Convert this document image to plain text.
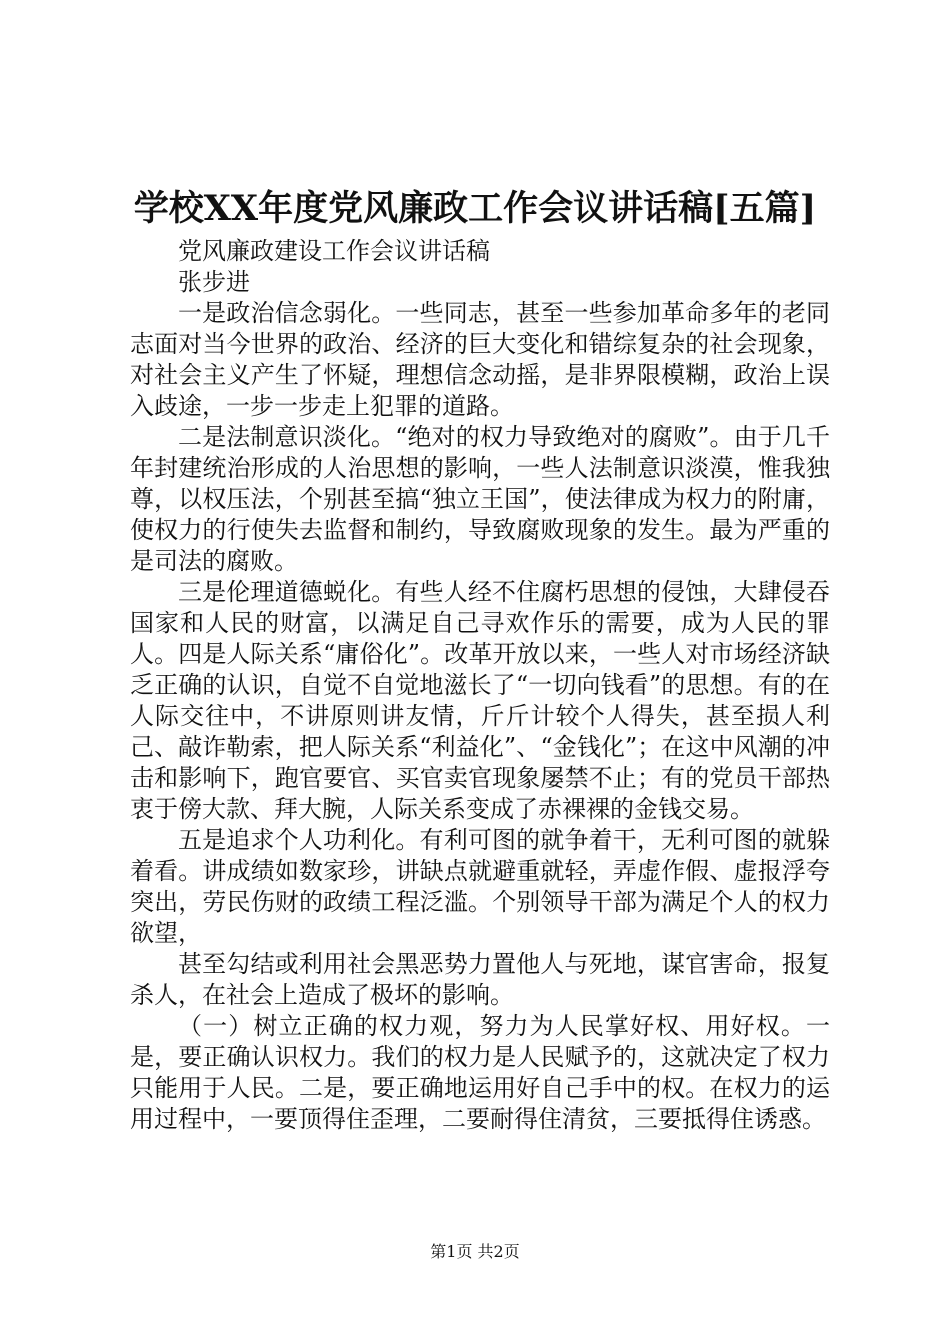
学校XX年度党风廉政工作会议讲话稿[五篇]

党风廉政建设工作会议讲话稿

张步进

一是政治信念弱化。一些同志，甚至一些参加革命多年的老同志面对当今世界的政治、经济的巨大变化和错综复杂的社会现象，对社会主义产生了怀疑，理想信念动摇，是非界限模糊，政治上误入歧途，一步一步走上犯罪的道路。

二是法制意识淡化。“绝对的权力导致绝对的腐败”。由于几千年封建统治形成的人治思想的影响，一些人法制意识淡漠，惟我独尊，以权压法，个别甚至搞“独立王国”，使法律成为权力的附庸，使权力的行使失去监督和制约，导致腐败现象的发生。最为严重的是司法的腐败。

三是伦理道德蜕化。有些人经不住腐朽思想的侵蚀，大肆侵吞国家和人民的财富，以满足自己寻欢作乐的需要，成为人民的罪人。四是人际关系“庸俗化”。改革开放以来，一些人对市场经济缺乏正确的认识，自觉不自觉地滋长了“一切向钱看”的思想。有的在人际交往中，不讲原则讲友情，斤斤计较个人得失，甚至损人利己、敲诈勒索，把人际关系“利益化”、“金钱化”；在这中风潮的冲击和影响下，跑官要官、买官卖官现象屡禁不止；有的党员干部热衷于傍大款、拜大腕，人际关系变成了赤裸裸的金钱交易。

五是追求个人功利化。有利可图的就争着干，无利可图的就躲着看。讲成绩如数家珍，讲缺点就避重就轻，弄虚作假、虚报浮夸突出，劳民伤财的政绩工程泛滥。个别领导干部为满足个人的权力欲望，

甚至勾结或利用社会黑恶势力置他人与死地，谋官害命，报复杀人，在社会上造成了极坏的影响。

（一）树立正确的权力观，努力为人民掌好权、用好权。一是，要正确认识权力。我们的权力是人民赋予的，这就决定了权力只能用于人民。二是，要正确地运用好自己手中的权。在权力的运用过程中，一要顶得住歪理，二要耐得住清贫，三要抵得住诱惑。

第1页 共2页
